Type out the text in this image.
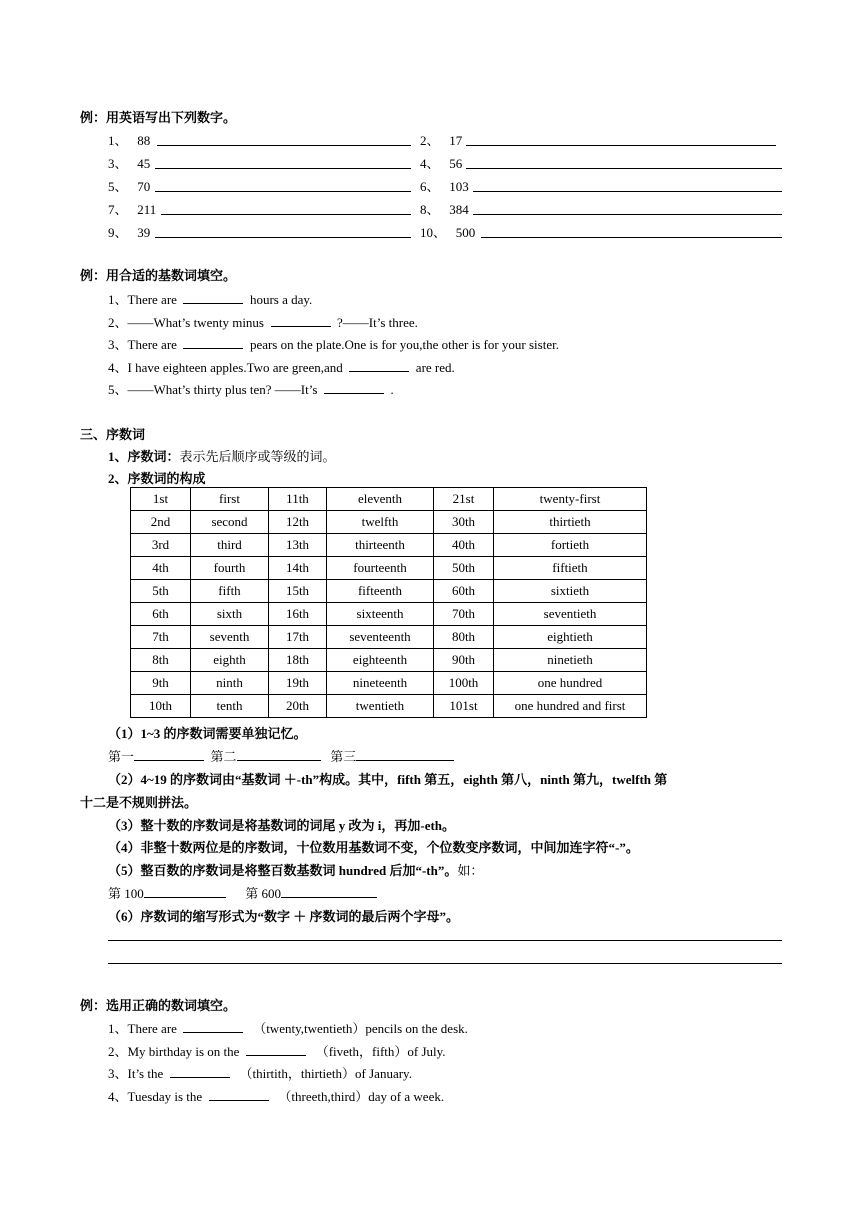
例：用英语写出下列数字。
1、 88	2、 17
3、 45	4、 56
5、 70	6、 103
7、 211	8、 384
9、 39	10、 500
例：用合适的基数词填空。
1、There are	hours a day.
2、——What’s twenty minus	?——It’s three.
3、There are	pears on the plate.One is for you,the other is for your sister.
4、I have eighteen apples.Two are green,and	are red.
5、——What’s thirty plus ten? ——It’s	.
三、序数词
1、序数词：表示先后顺序或等级的词。
2、序数词的构成
1st	first	11th	eleventh	21st	twenty-first
2nd	second	12th	twelfth	30th	thirtieth
3rd	third	13th	thirteenth	40th	fortieth
4th	fourth	14th	fourteenth	50th	fiftieth
5th	fifth	15th	fifteenth	60th	sixtieth
6th	sixth	16th	sixteenth	70th	seventieth
7th	seventh	17th	seventeenth	80th	eightieth
8th	eighth	18th	eighteenth	90th	ninetieth
9th	ninth	19th	nineteenth	100th	one hundred
10th	tenth	20th	twentieth	101st	one hundred and first
（1）1~3 的序数词需要单独记忆。
第一	第二	第三
（2）4~19 的序数词由“基数词 ＋-th”构成。其中，fifth 第五，eighth 第八，ninth 第九，twelfth 第
十二是不规则拼法。
（3）整十数的序数词是将基数词的词尾 y 改为 i，再加-eth。
（4）非整十数两位是的序数词，十位数用基数词不变，个位数变序数词，中间加连字符“-”。
（5）整百数的序数词是将整百数基数词 hundred 后加“-th”。如：
第 100	第 600
（6）序数词的缩写形式为“数字 ＋ 序数词的最后两个字母”。
例：选用正确的数词填空。
1、There are	（twenty,twentieth）pencils on the desk.
2、My birthday is on the	（fiveth，fifth）of July.
3、It’s the	（thirtith，thirtieth）of January.
4、Tuesday is the	（threeth,third）day of a week.
